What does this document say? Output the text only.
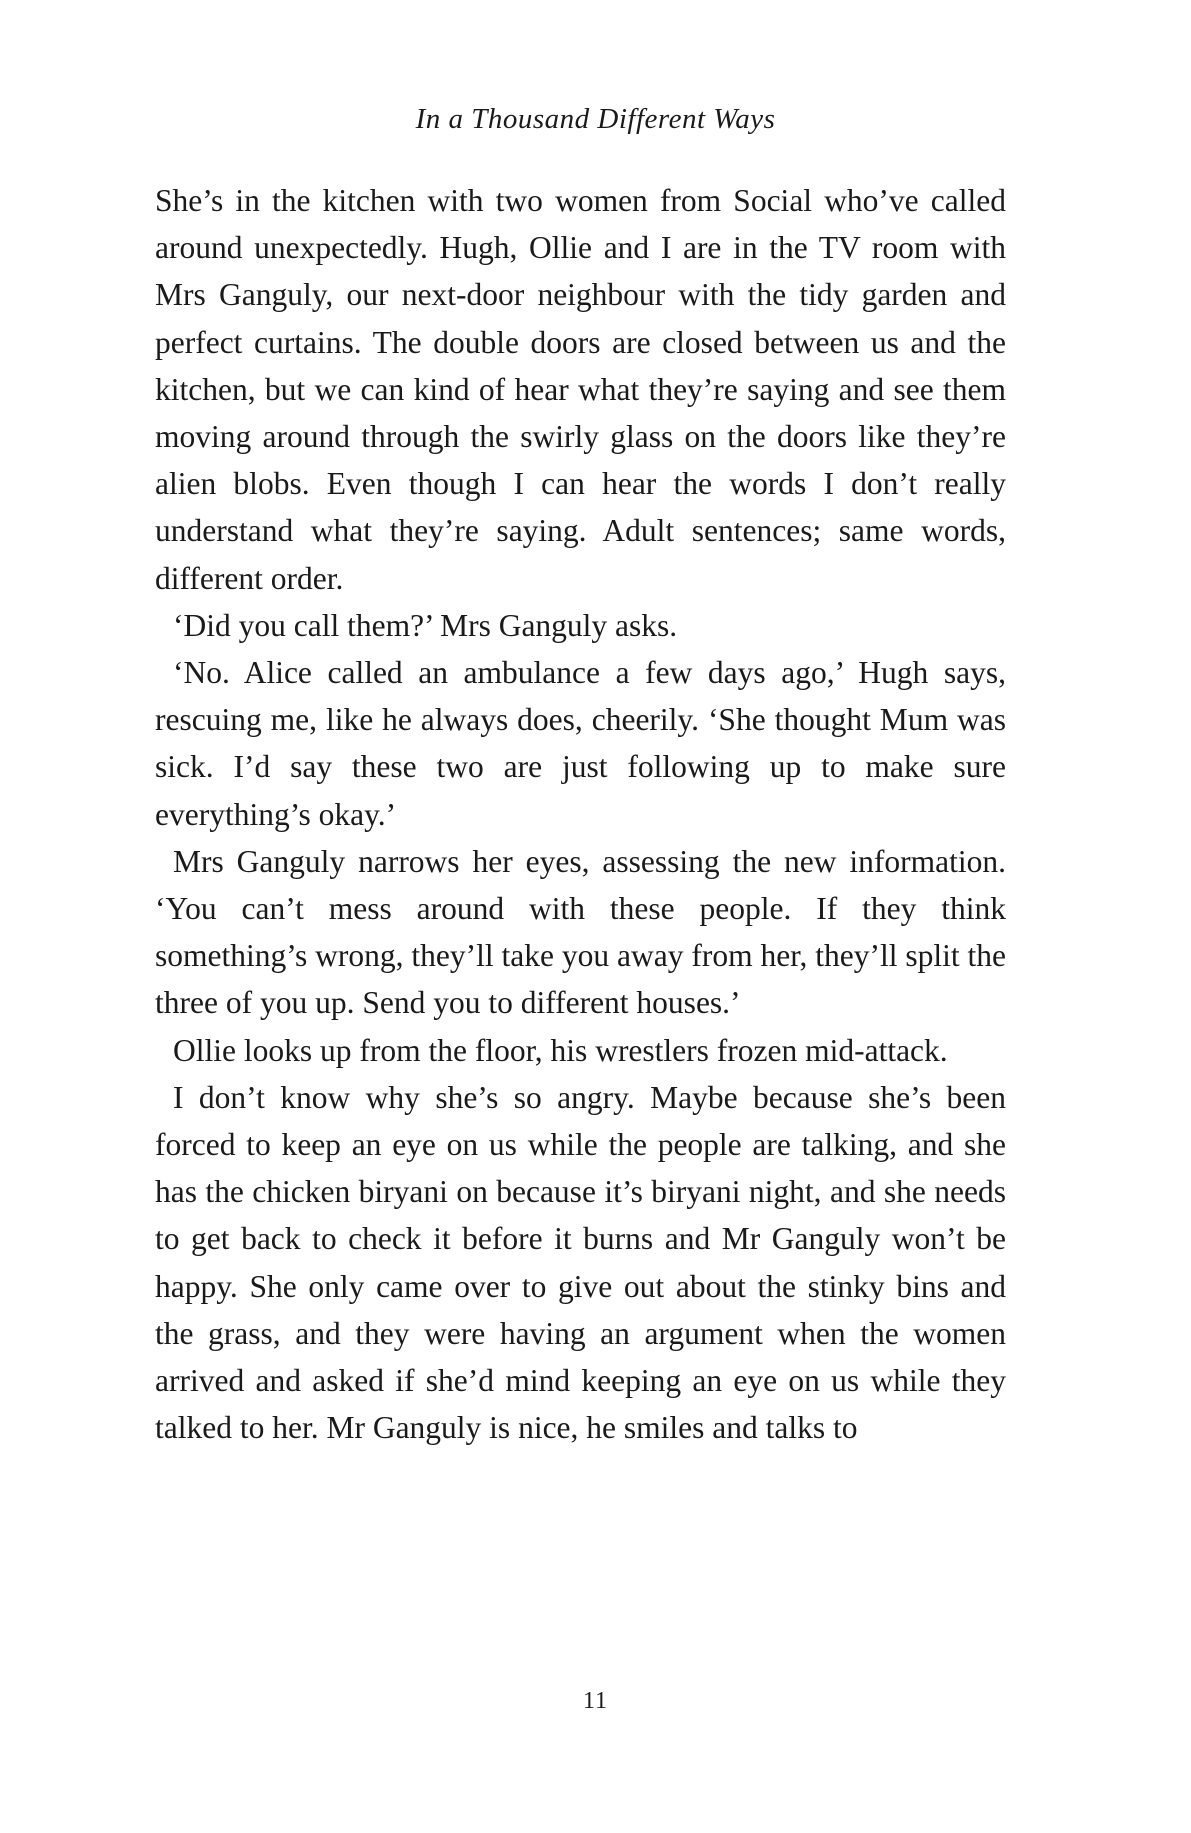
In a Thousand Different Ways

She’s in the kitchen with two women from Social who’ve called around unexpectedly. Hugh, Ollie and I are in the TV room with Mrs Ganguly, our next-door neighbour with the tidy garden and perfect curtains. The double doors are closed between us and the kitchen, but we can kind of hear what they’re saying and see them moving around through the swirly glass on the doors like they’re alien blobs. Even though I can hear the words I don’t really understand what they’re saying. Adult sentences; same words, different order.

‘Did you call them?’ Mrs Ganguly asks.

‘No. Alice called an ambulance a few days ago,’ Hugh says, rescuing me, like he always does, cheerily. ‘She thought Mum was sick. I’d say these two are just following up to make sure everything’s okay.’

Mrs Ganguly narrows her eyes, assessing the new information. ‘You can’t mess around with these people. If they think something’s wrong, they’ll take you away from her, they’ll split the three of you up. Send you to different houses.’

Ollie looks up from the floor, his wrestlers frozen mid-attack.

I don’t know why she’s so angry. Maybe because she’s been forced to keep an eye on us while the people are talking, and she has the chicken biryani on because it’s biryani night, and she needs to get back to check it before it burns and Mr Ganguly won’t be happy. She only came over to give out about the stinky bins and the grass, and they were having an argument when the women arrived and asked if she’d mind keeping an eye on us while they talked to her. Mr Ganguly is nice, he smiles and talks to

11
